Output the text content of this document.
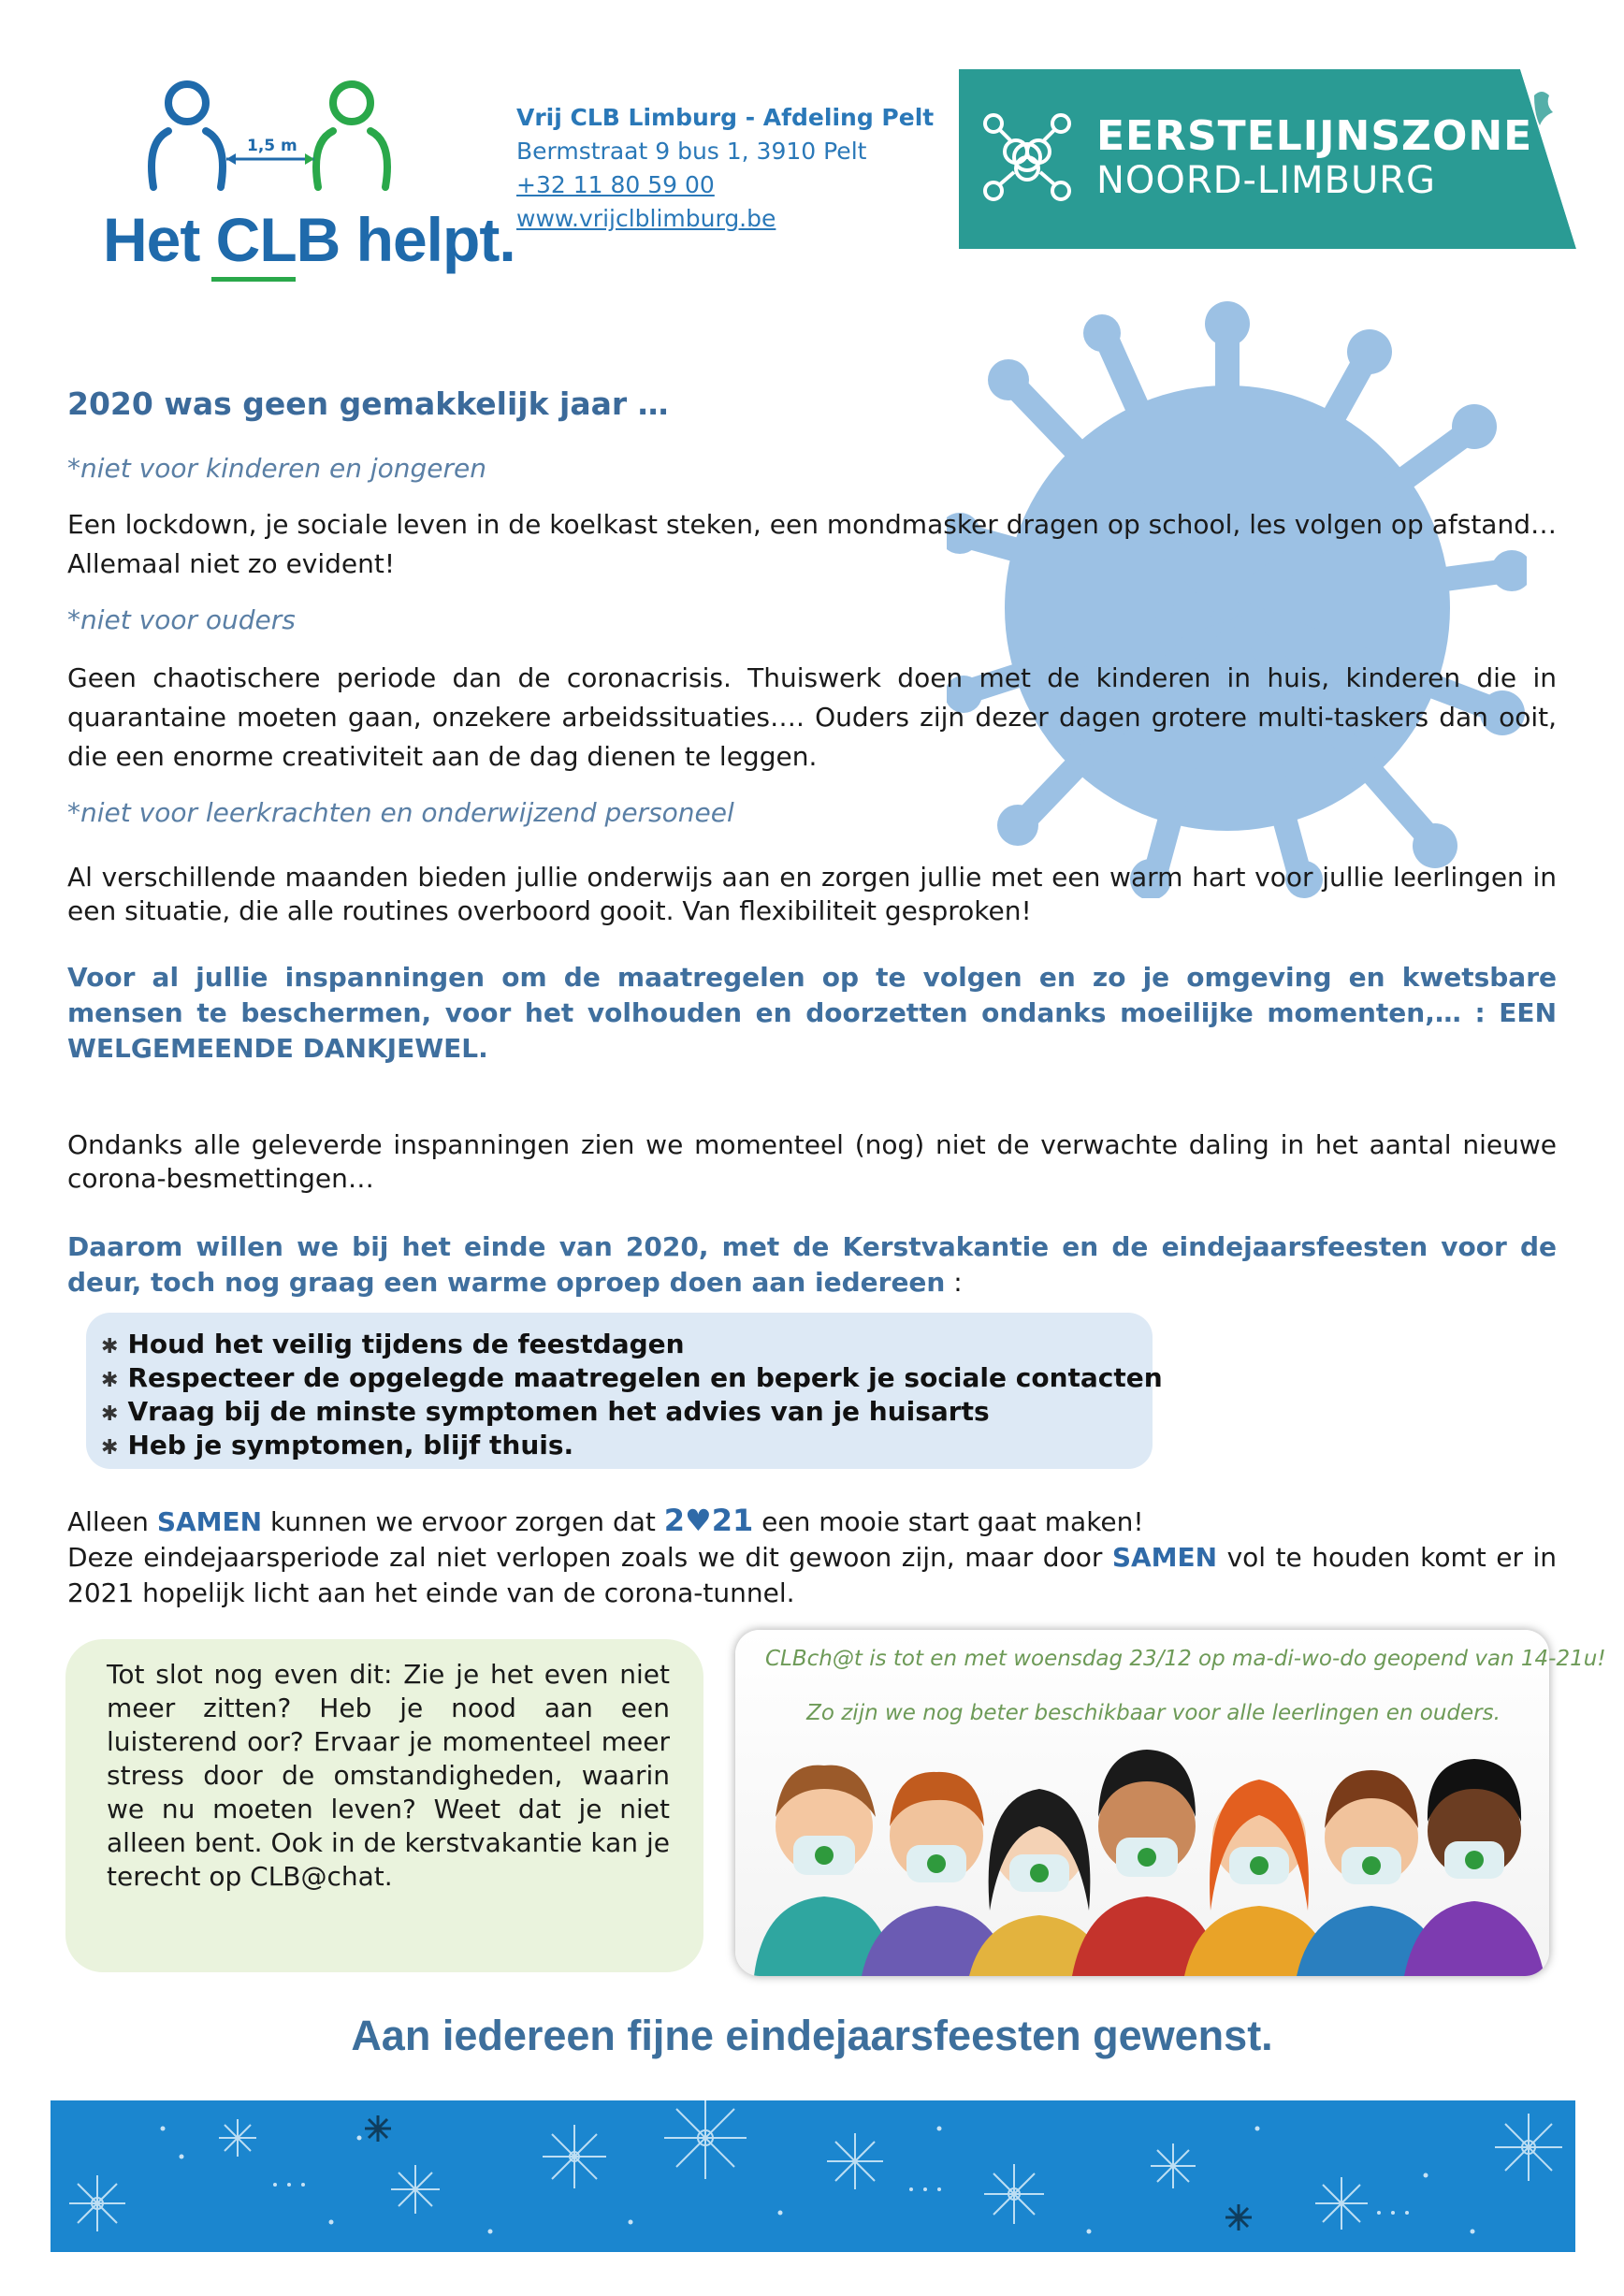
1,5 m
Het CLB helpt.
Vrij CLB Limburg - Afdeling Pelt
Bermstraat 9 bus 1, 3910 Pelt
+32 11 80 59 00
www.vrijclblimburg.be
EERSTELIJNSZONE
NOORD-LIMBURG
2020 was geen gemakkelijk jaar …
*niet voor kinderen en jongeren
Een lockdown, je sociale leven in de koelkast steken, een mondmasker dragen op school, les volgen op afstand… Allemaal niet zo evident!
*niet voor ouders
Geen chaotischere periode dan de coronacrisis. Thuiswerk doen met de kinderen in huis, kinderen die in quarantaine moeten gaan, onzekere arbeidssituaties…. Ouders zijn dezer dagen grotere multi-taskers dan ooit, die een enorme creativiteit aan de dag dienen te leggen.
*niet voor leerkrachten en onderwijzend personeel
Al verschillende maanden bieden jullie onderwijs aan en zorgen jullie met een warm hart voor jullie leerlingen in een situatie, die alle routines overboord gooit. Van flexibiliteit gesproken!
Voor al jullie inspanningen om de maatregelen op te volgen en zo je omgeving en kwetsbare mensen te beschermen, voor het volhouden en doorzetten ondanks moeilijke momenten,… : EEN WELGEMEENDE DANKJEWEL.
Ondanks alle geleverde inspanningen zien we momenteel (nog) niet de verwachte daling in het aantal nieuwe corona-besmettingen…
Daarom willen we bij het einde van 2020, met de Kerstvakantie en de eindejaarsfeesten voor de deur, toch nog graag een warme oproep doen aan iedereen :
✱ Houd het veilig tijdens de feestdagen
✱ Respecteer de opgelegde maatregelen en beperk je sociale contacten
✱ Vraag bij de minste symptomen het advies van je huisarts
✱ Heb je symptomen, blijf thuis.
Alleen SAMEN kunnen we ervoor zorgen dat 2♥21 een mooie start gaat maken!
Deze eindejaarsperiode zal niet verlopen zoals we dit gewoon zijn, maar door SAMEN vol te houden komt er in 2021 hopelijk licht aan het einde van de corona-tunnel.
Tot slot nog even dit: Zie je het even niet meer zitten? Heb je nood aan een luisterend oor? Ervaar je momenteel meer stress door de omstandigheden, waarin we nu moeten leven? Weet dat je niet alleen bent. Ook in de kerstvakantie kan je terecht op CLB@chat.
CLBch@t is tot en met woensdag 23/12 op ma-di-wo-do geopend van 14-21u!
Zo zijn we nog beter beschikbaar voor alle leerlingen en ouders.
Aan iedereen fijne eindejaarsfeesten gewenst.
